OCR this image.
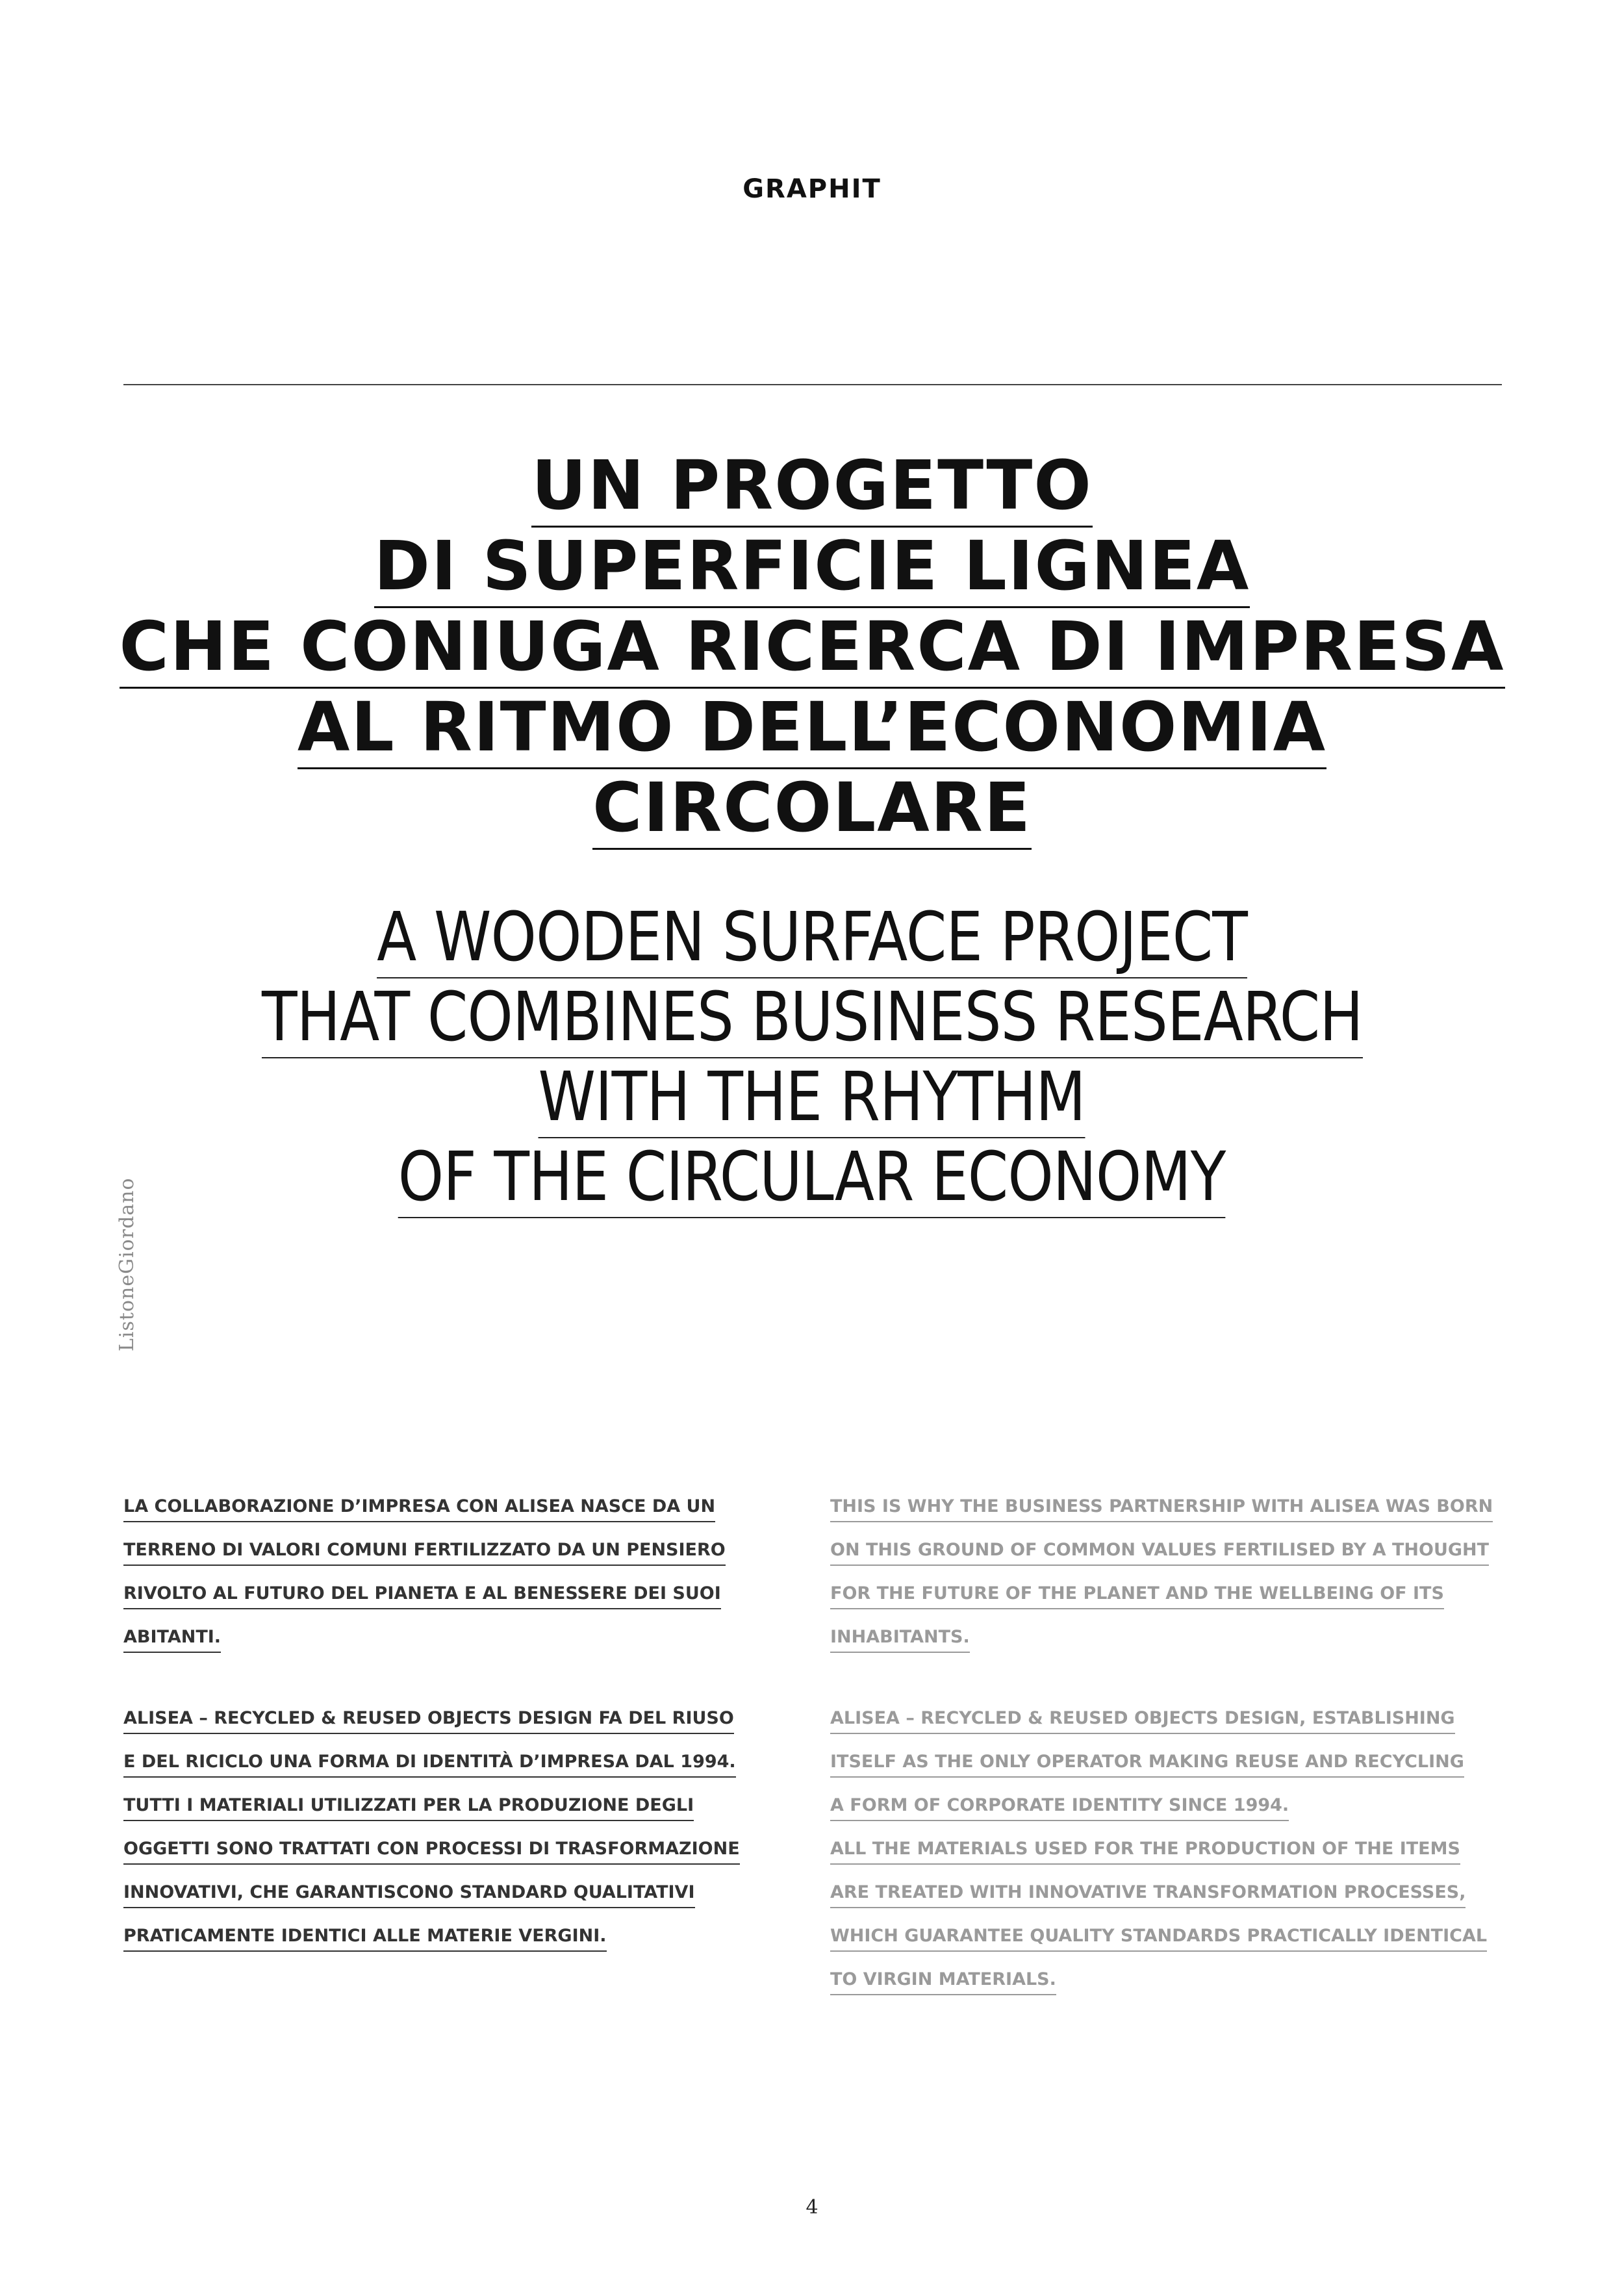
GRAPHIT
UN PROGETTO
DI SUPERFICIE LIGNEA
CHE CONIUGA RICERCA DI IMPRESA
AL RITMO DELL’ECONOMIA
CIRCOLARE
A WOODEN SURFACE PROJECT
THAT COMBINES BUSINESS RESEARCH
WITH THE RHYTHM
OF THE CIRCULAR ECONOMY
ListoneGiordano
LA COLLABORAZIONE D’IMPRESA CON ALISEA NASCE DA UN
TERRENO DI VALORI COMUNI FERTILIZZATO DA UN PENSIERO
RIVOLTO AL FUTURO DEL PIANETA E AL BENESSERE DEI SUOI
ABITANTI.
ALISEA – RECYCLED & REUSED OBJECTS DESIGN FA DEL RIUSO
E DEL RICICLO UNA FORMA DI IDENTITÀ D’IMPRESA DAL 1994.
TUTTI I MATERIALI UTILIZZATI PER LA PRODUZIONE DEGLI
OGGETTI SONO TRATTATI CON PROCESSI DI TRASFORMAZIONE
INNOVATIVI, CHE GARANTISCONO STANDARD QUALITATIVI
PRATICAMENTE IDENTICI ALLE MATERIE VERGINI.
THIS IS WHY THE BUSINESS PARTNERSHIP WITH ALISEA WAS BORN
ON THIS GROUND OF COMMON VALUES FERTILISED BY A THOUGHT
FOR THE FUTURE OF THE PLANET AND THE WELLBEING OF ITS
INHABITANTS.
ALISEA – RECYCLED & REUSED OBJECTS DESIGN, ESTABLISHING
ITSELF AS THE ONLY OPERATOR MAKING REUSE AND RECYCLING
A FORM OF CORPORATE IDENTITY SINCE 1994.
ALL THE MATERIALS USED FOR THE PRODUCTION OF THE ITEMS
ARE TREATED WITH INNOVATIVE TRANSFORMATION PROCESSES,
WHICH GUARANTEE QUALITY STANDARDS PRACTICALLY IDENTICAL
TO VIRGIN MATERIALS.
4
